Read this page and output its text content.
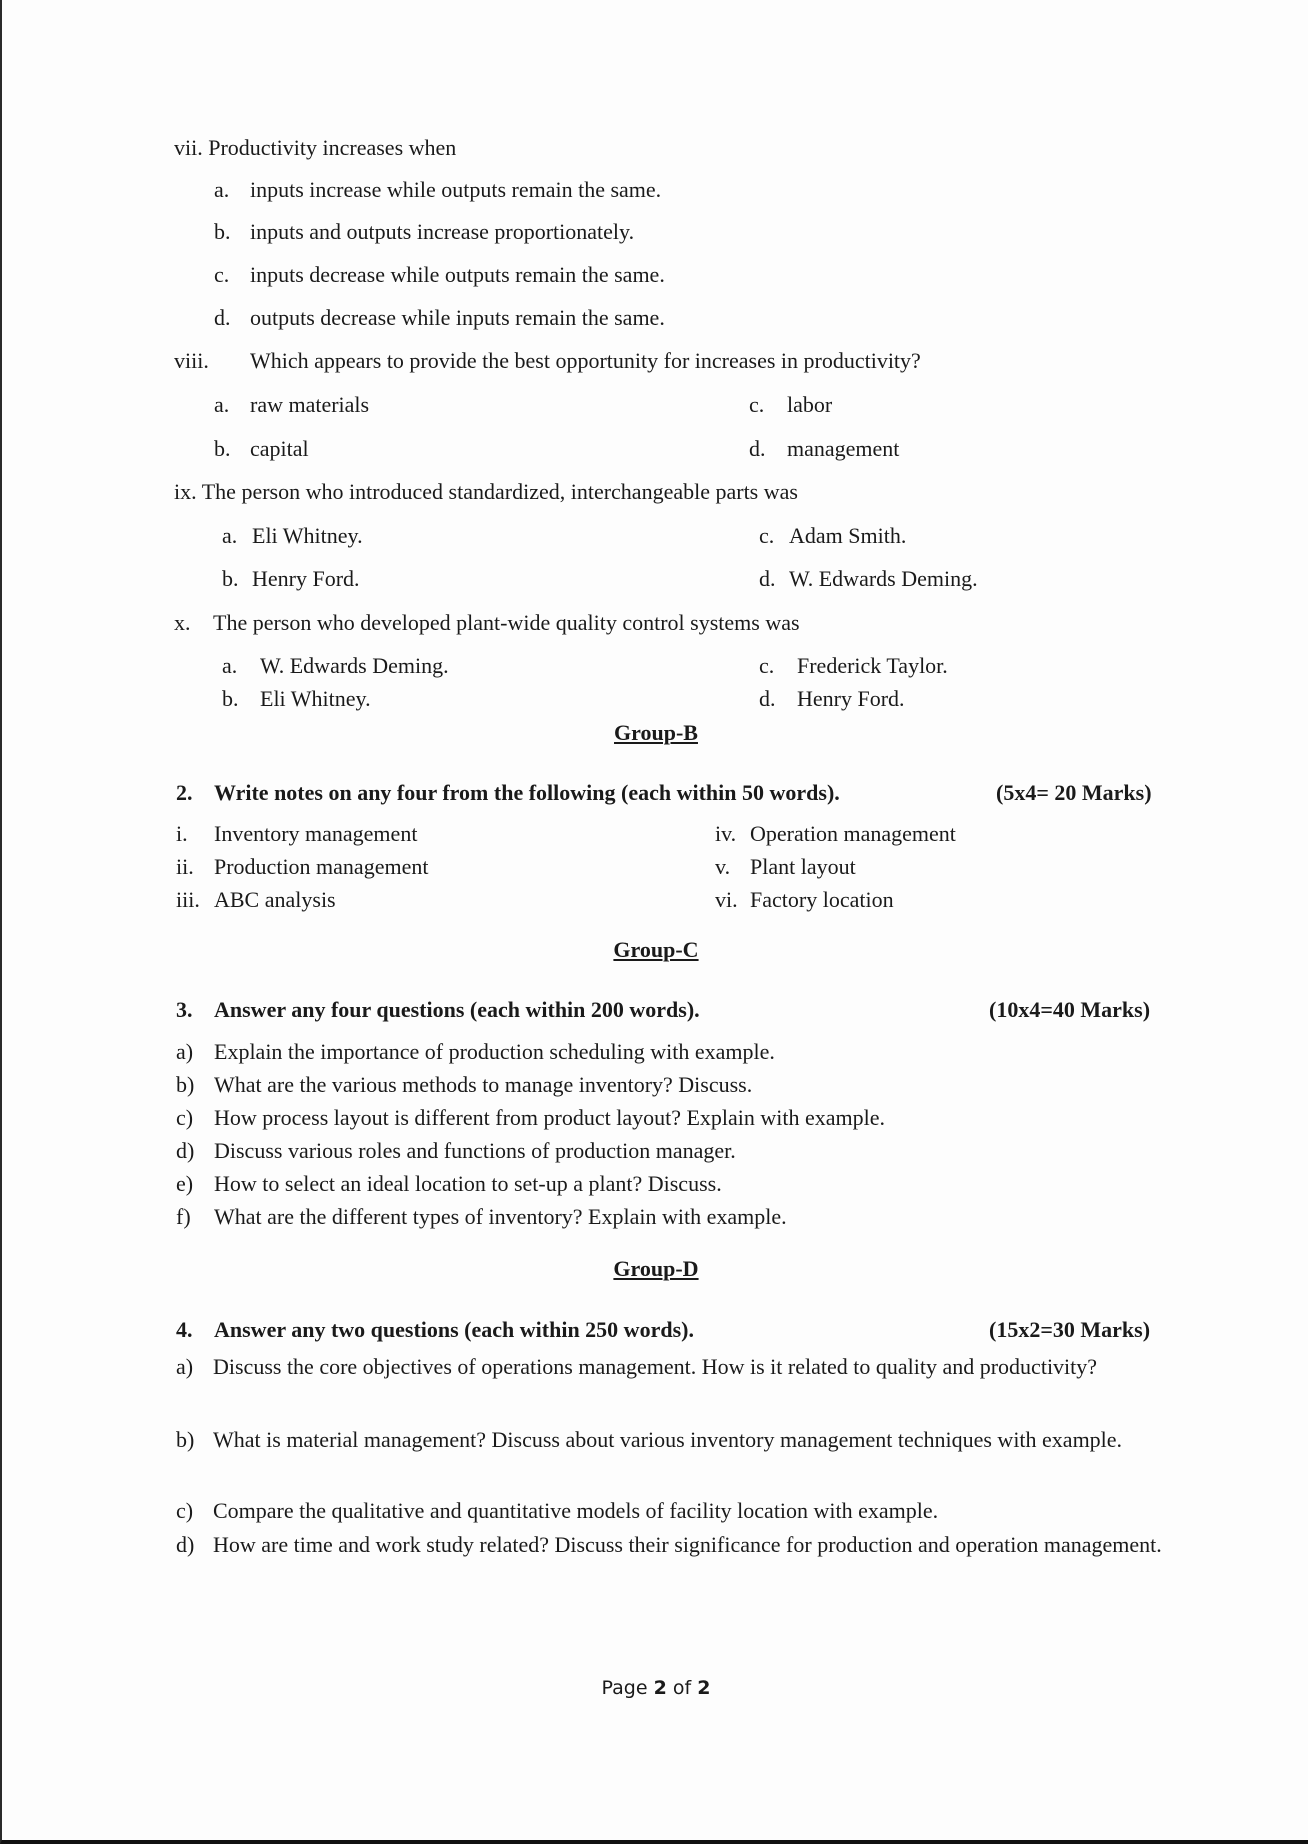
vii. Productivity increases when
a. inputs increase while outputs remain the same.
b. inputs and outputs increase proportionately.
c. inputs decrease while outputs remain the same.
d. outputs decrease while inputs remain the same.
viii. Which appears to provide the best opportunity for increases in productivity?
a. raw materials
b. capital
c. labor
d. management
ix. The person who introduced standardized, interchangeable parts was
a. Eli Whitney.
b. Henry Ford.
c. Adam Smith.
d. W. Edwards Deming.
x. The person who developed plant-wide quality control systems was
a. W. Edwards Deming.
b. Eli Whitney.
c. Frederick Taylor.
d. Henry Ford.
Group-B
2. Write notes on any four from the following (each within 50 words).	(5x4= 20 Marks)
i. Inventory management
ii. Production management
iii. ABC analysis
iv. Operation management
v. Plant layout
vi. Factory location
Group-C
3. Answer any four questions (each within 200 words).	(10x4=40 Marks)
a) Explain the importance of production scheduling with example.
b) What are the various methods to manage inventory? Discuss.
c) How process layout is different from product layout? Explain with example.
d) Discuss various roles and functions of production manager.
e) How to select an ideal location to set-up a plant? Discuss.
f) What are the different types of inventory? Explain with example.
Group-D
4. Answer any two questions (each within 250 words).	(15x2=30 Marks)
a) Discuss the core objectives of operations management. How is it related to quality and productivity?
b) What is material management? Discuss about various inventory management techniques with example.
c) Compare the qualitative and quantitative models of facility location with example.
d) How are time and work study related? Discuss their significance for production and operation management.
Page 2 of 2
